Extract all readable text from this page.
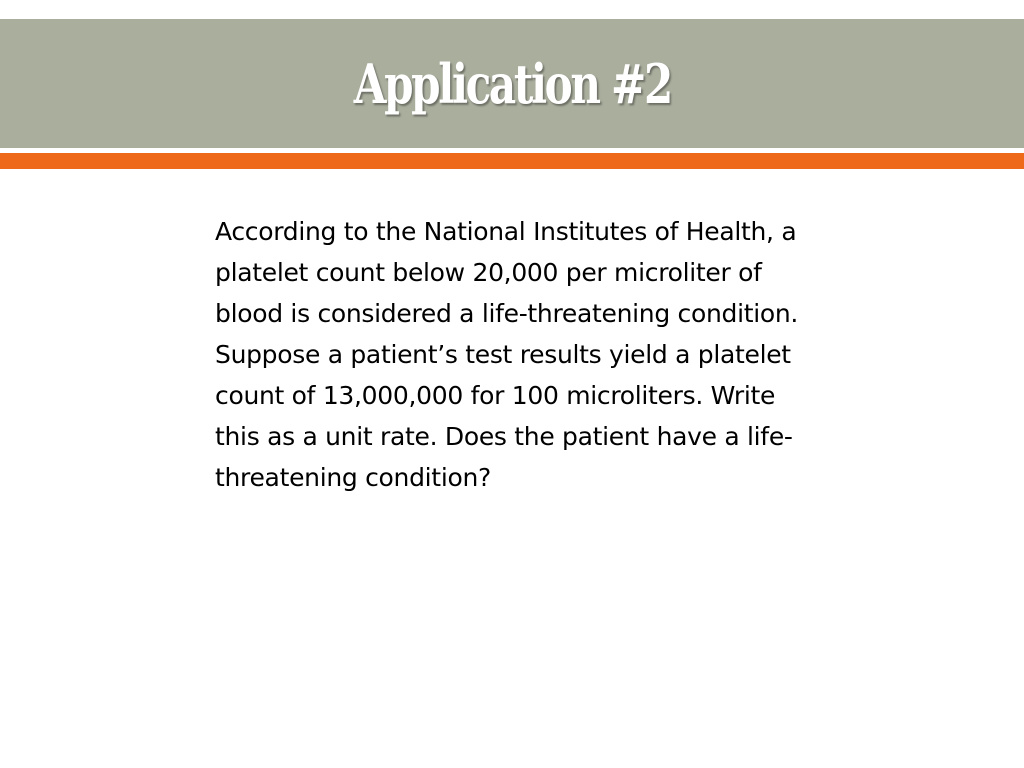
Application #2

According to the National Institutes of Health, a
platelet count below 20,000 per microliter of
blood is considered a life-threatening condition.
Suppose a patient’s test results yield a platelet
count of 13,000,000 for 100 microliters. Write
this as a unit rate. Does the patient have a life-
threatening condition?
